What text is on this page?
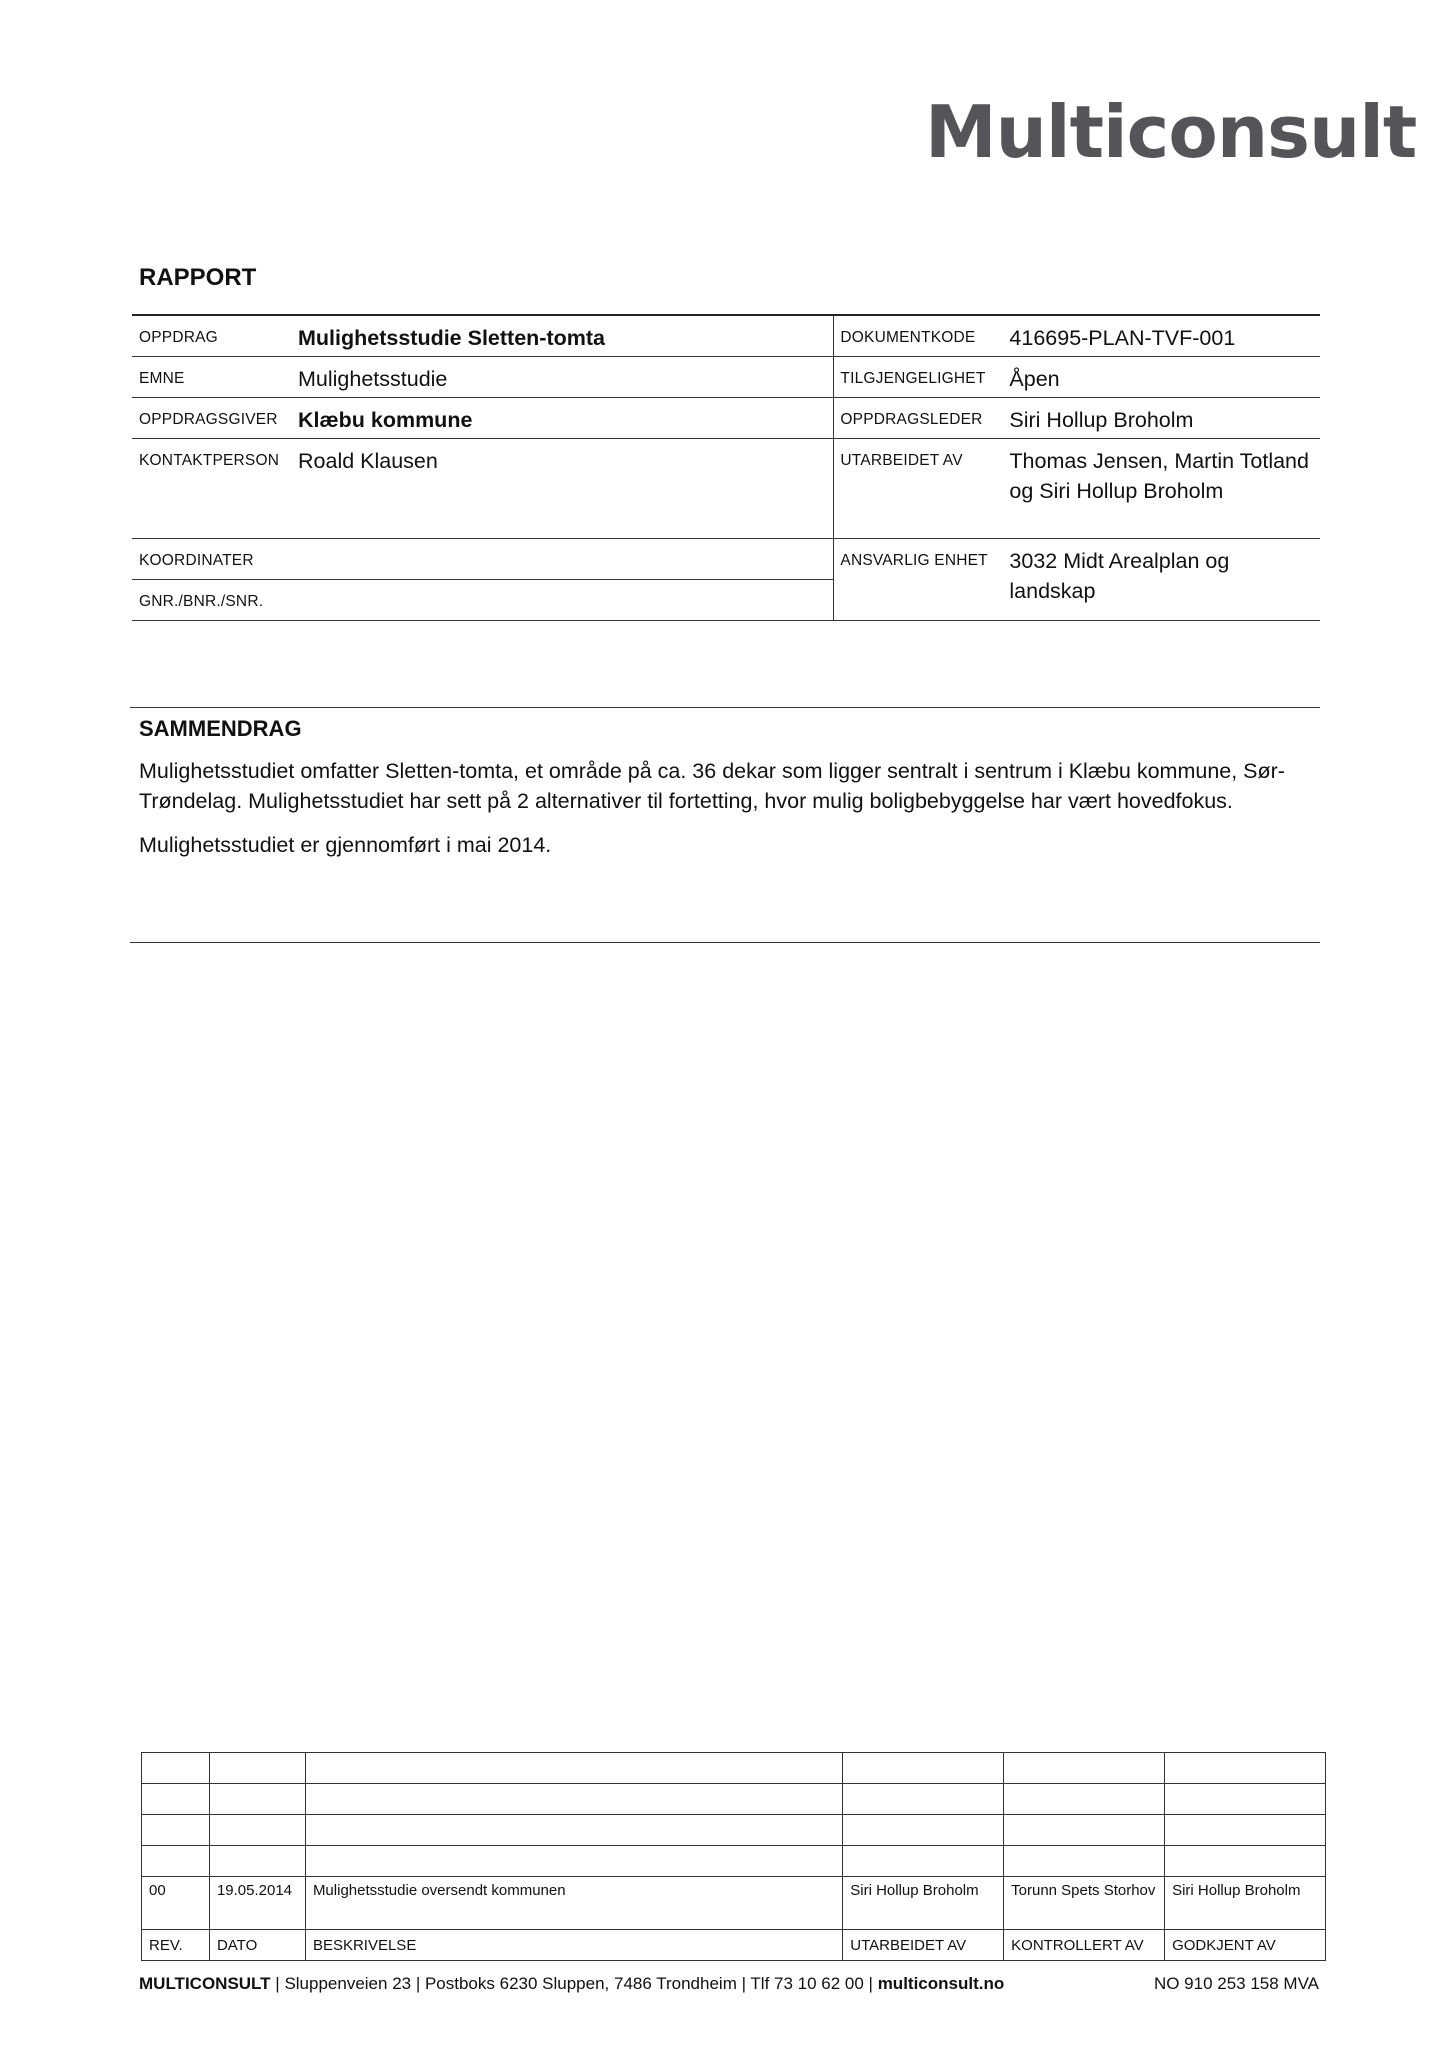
Multiconsult
RAPPORT
OPPDRAG	Mulighetsstudie Sletten-tomta	DOKUMENTKODE	416695-PLAN-TVF-001
EMNE	Mulighetsstudie	TILGJENGELIGHET	Åpen
OPPDRAGSGIVER Klæbu kommune	OPPDRAGSLEDER	Siri Hollup Broholm
KONTAKTPERSON Roald Klausen	UTARBEIDET AV	Thomas Jensen, Martin Totland og Siri Hollup Broholm
KOORDINATER
GNR./BNR./SNR.
ANSVARLIG ENHET	3032 Midt Arealplan og landskap
SAMMENDRAG

Mulighetsstudiet omfatter Sletten-tomta, et område på ca. 36 dekar som ligger sentralt i sentrum i Klæbu kommune, Sør-Trøndelag. Mulighetsstudiet har sett på 2 alternativer til fortetting, hvor mulig boligbebyggelse har vært hovedfokus.

Mulighetsstudiet er gjennomført i mai 2014.

00	19.05.2014	Mulighetsstudie oversendt kommunen	Siri Hollup Broholm	Torunn Spets Storhov	Siri Hollup Broholm
REV.	DATO	BESKRIVELSE	UTARBEIDET AV	KONTROLLERT AV	GODKJENT AV
MULTICONSULT | Sluppenveien 23 | Postboks 6230 Sluppen, 7486 Trondheim | Tlf 73 10 62 00 | multiconsult.no	NO 910 253 158 MVA
